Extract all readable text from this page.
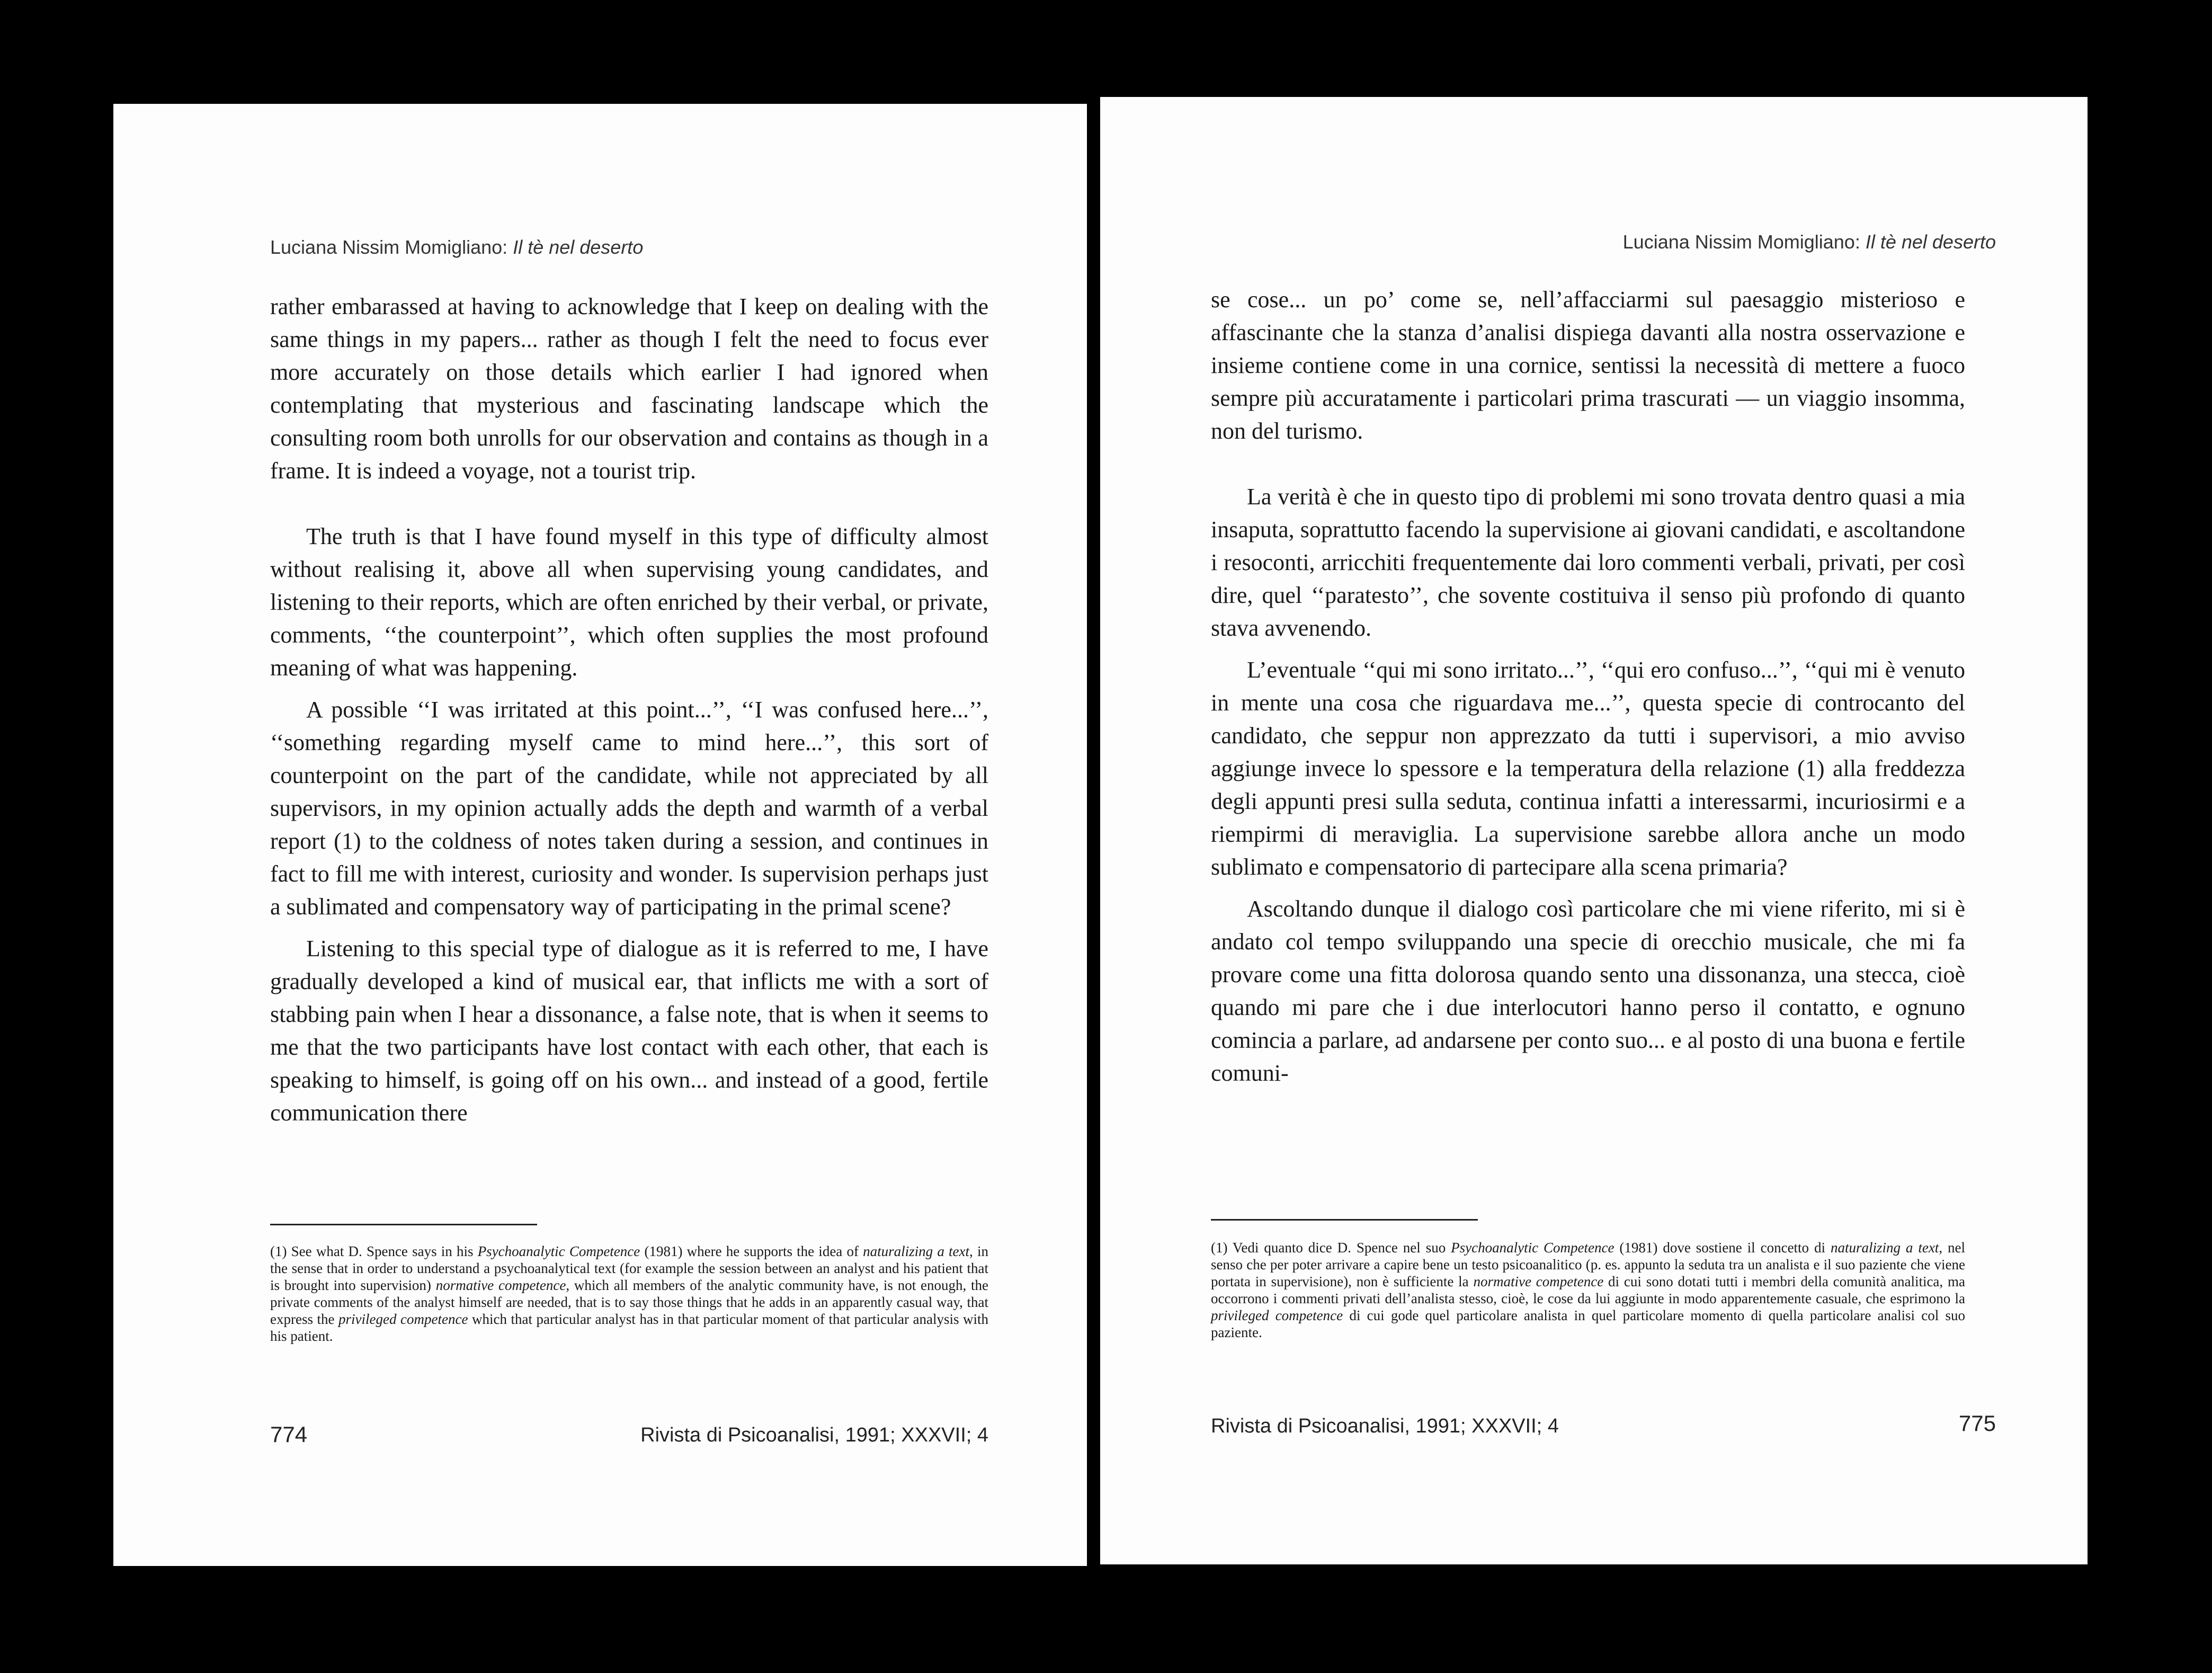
Luciana Nissim Momigliano: Il tè nel deserto

rather embarassed at having to acknowledge that I keep on dealing with the same things in my papers... rather as though I felt the need to focus ever more accurately on those details which earlier I had ignored when contemplating that mysterious and fascinating landscape which the consulting room both unrolls for our observation and contains as though in a frame. It is indeed a voyage, not a tourist trip.

The truth is that I have found myself in this type of difficulty almost without realising it, above all when supervising young candidates, and listening to their reports, which are often enriched by their verbal, or private, comments, ‘‘the counterpoint’’, which often supplies the most profound meaning of what was happening.

A possible ‘‘I was irritated at this point...’’, ‘‘I was confused here...’’, ‘‘something regarding myself came to mind here...’’, this sort of counterpoint on the part of the candidate, while not appreciated by all supervisors, in my opinion actually adds the depth and warmth of a verbal report (1) to the coldness of notes taken during a session, and continues in fact to fill me with interest, curiosity and wonder. Is supervision perhaps just a sublimated and compensatory way of participating in the primal scene?

Listening to this special type of dialogue as it is referred to me, I have gradually developed a kind of musical ear, that inflicts me with a sort of stabbing pain when I hear a dissonance, a false note, that is when it seems to me that the two participants have lost contact with each other, that each is speaking to himself, is going off on his own... and instead of a good, fertile communication there

(1) See what D. Spence says in his Psychoanalytic Competence (1981) where he supports the idea of naturalizing a text, in the sense that in order to understand a psychoanalytical text (for example the session between an analyst and his patient that is brought into supervision) normative competence, which all members of the analytic community have, is not enough, the private comments of the analyst himself are needed, that is to say those things that he adds in an apparently casual way, that express the privileged competence which that particular analyst has in that particular moment of that particular analysis with his patient.
774	Rivista di Psicoanalisi, 1991; XXXVII; 4
Luciana Nissim Momigliano: Il tè nel deserto

se cose... un po’ come se, nell’affacciarmi sul paesaggio misterioso e affascinante che la stanza d’analisi dispiega davanti alla nostra osservazione e insieme contiene come in una cornice, sentissi la necessità di mettere a fuoco sempre più accuratamente i particolari prima trascurati — un viaggio insomma, non del turismo.

La verità è che in questo tipo di problemi mi sono trovata dentro quasi a mia insaputa, soprattutto facendo la supervisione ai giovani candidati, e ascoltandone i resoconti, arricchiti frequentemente dai loro commenti verbali, privati, per così dire, quel ‘‘paratesto’’, che sovente costituiva il senso più profondo di quanto stava avvenendo.

L’eventuale ‘‘qui mi sono irritato...’’, ‘‘qui ero confuso...’’, ‘‘qui mi è venuto in mente una cosa che riguardava me...’’, questa specie di controcanto del candidato, che seppur non apprezzato da tutti i supervisori, a mio avviso aggiunge invece lo spessore e la temperatura della relazione (1) alla freddezza degli appunti presi sulla seduta, continua infatti a interessarmi, incuriosirmi e a riempirmi di meraviglia. La supervisione sarebbe allora anche un modo sublimato e compensatorio di partecipare alla scena primaria?

Ascoltando dunque il dialogo così particolare che mi viene riferito, mi si è andato col tempo sviluppando una specie di orecchio musicale, che mi fa provare come una fitta dolorosa quando sento una dissonanza, una stecca, cioè quando mi pare che i due interlocutori hanno perso il contatto, e ognuno comincia a parlare, ad andarsene per conto suo... e al posto di una buona e fertile comuni-

(1) Vedi quanto dice D. Spence nel suo Psychoanalytic Competence (1981) dove sostiene il concetto di naturalizing a text, nel senso che per poter arrivare a capire bene un testo psicoanalitico (p. es. appunto la seduta tra un analista e il suo paziente che viene portata in supervisione), non è sufficiente la normative competence di cui sono dotati tutti i membri della comunità analitica, ma occorrono i commenti privati dell’analista stesso, cioè, le cose da lui aggiunte in modo apparentemente casuale, che esprimono la privileged competence di cui gode quel particolare analista in quel particolare momento di quella particolare analisi col suo paziente.
775
Rivista di Psicoanalisi, 1991; XXXVII; 4
